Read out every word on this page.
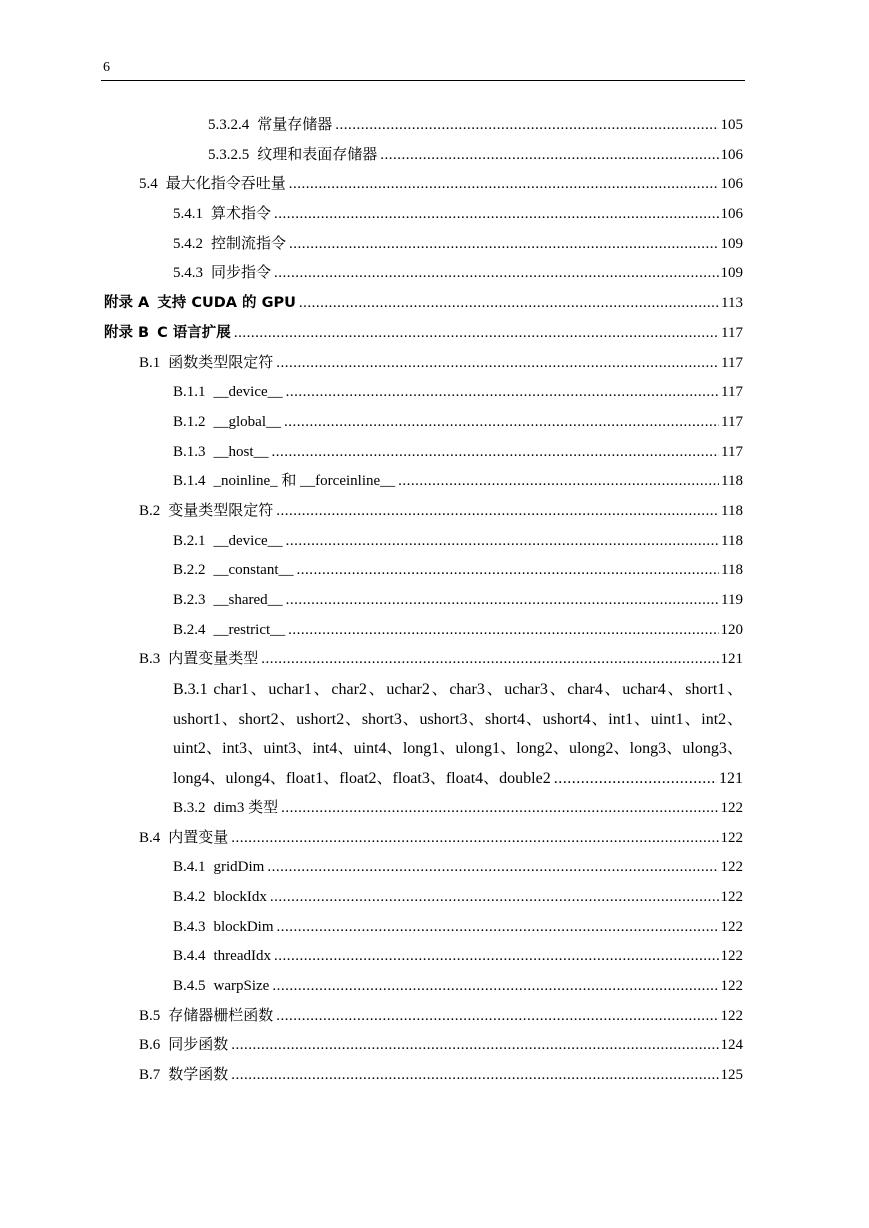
6
5.3.2.4 常量存储器 .....	105
5.3.2.5 纹理和表面存储器 .....	106
5.4 最大化指令吞吐量 .....	106
5.4.1 算术指令 .....	106
5.4.2 控制流指令 .....	109
5.4.3 同步指令 .....	109
附录 A 支持 CUDA 的 GPU .....	113
附录 B C 语言扩展 .....	117
B.1 函数类型限定符 .....	117
B.1.1 __device__ .....	117
B.1.2 __global__ .....	117
B.1.3 __host__ .....	117
B.1.4 _noinline_ 和 __forceinline__ .....	118
B.2 变量类型限定符 .....	118
B.2.1 __device__ .....	118
B.2.2 __constant__ .....	118
B.2.3 __shared__ .....	119
B.2.4 __restrict__ .....	120
B.3 内置变量类型 .....	121
B.3.1 char1、uchar1、char2、uchar2、char3、uchar3、char4、uchar4、short1、
ushort1、short2、ushort2、short3、ushort3、short4、ushort4、int1、uint1、int2、
uint2、int3、uint3、int4、uint4、long1、ulong1、long2、ulong2、long3、ulong3、
long4、ulong4、float1、float2、float3、float4、double2 .....	121
B.3.2 dim3 类型 .....	122
B.4 内置变量 .....	122
B.4.1 gridDim .....	122
B.4.2 blockIdx .....	122
B.4.3 blockDim .....	122
B.4.4 threadIdx .....	122
B.4.5 warpSize .....	122
B.5 存储器栅栏函数 .....	122
B.6 同步函数 .....	124
B.7 数学函数 .....	125
